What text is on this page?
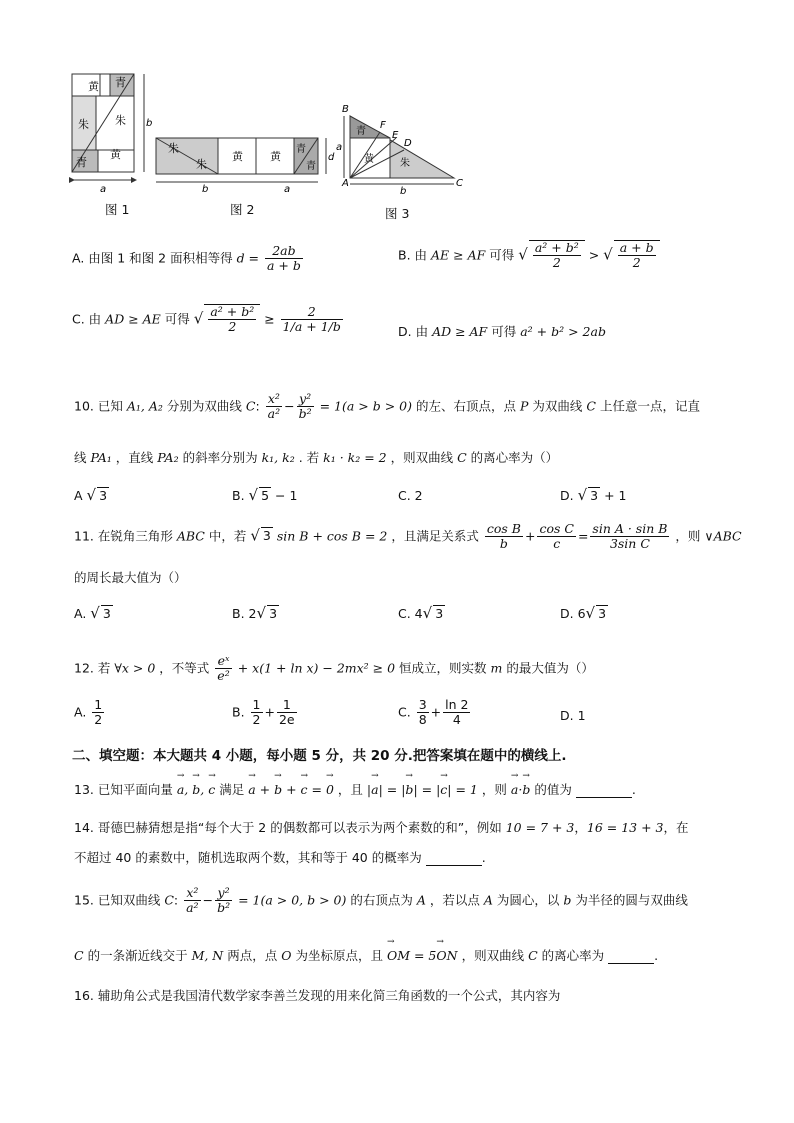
黄 青
朱 朱
青
黄
a
b
朱
朱
黄 黄
青
青
b	a
d
青
黄	朱
B
F
E
D
A	C
b
a
图 1	图 2	图 3
A. 由图 1 和图 2 面积相等得 $d = \frac{2ab}{a + b}$	B. 由 AE ≥ AF 可得 √ $\frac{\text{a² + b²}}{2}$ > √ $\frac{a + b}{2}$
C. 由 AD ≥ AE 可得 √ $\frac{\text{a² + b²}}{2} \ge \frac{2}{1/a + 1/b}$	D. 由 AD ≥ AF 可得 a² + b² > 2ab
10. 已知 A₁, A₂ 分别为双曲线 C: $\frac{\text{x²}}{\text{a²}} - \frac{\text{y²}}{\text{b²}} = 1(a > b > 0)$ 的左、右顶点，点 P 为双曲线 C 上任意一点，记直
线 PA₁ ，直线 PA₂ 的斜率分别为 k₁, k₂ . 若 k₁ · k₂ = 2 ，则双曲线 C 的离心率为（）
A √ 3	B. √ 5 − 1	C. 2	D. √ 3 + 1
11. 在锐角三角形 ABC 中，若 √ 3 sin B + cos B = 2 ，且满足关系式 $\frac{\text{cos B}}{b} + \frac{\text{cos C}}{c} = \frac{\text{sin A · sin B}}{\text{3sin C}}$ ，则 ∨ABC
的周长最大值为（）
A. √ 3	B. 2√ 3	C. 4√ 3	D. 6√ 3
12. 若 ∀x > 0 ，不等式 $\frac{\text{eˣ}}{\text{e²}} + x(1 + \ln x) - 2mx^2 \ge 0$ 恒成立，则实数 m 的最大值为（）
A. $\frac{1}{2}$	B. $\frac{1}{2} + \frac{1}{2e}$	C. $\frac{3}{8} + \frac{\ln 2}{4}$	D. 1
二、填空题：本大题共 4 小题，每小题 5 分，共 20 分.把答案填在题中的横线上.
13. 已知平面向量 → a, → b, → c 满足 → a + → b + → c = → 0 ，且 |→ a| = |→ b| = |→ c| = 1 ，则 → a·→ b 的值为	.
14. 哥德巴赫猜想是指“每个大于 2 的偶数都可以表示为两个素数的和”，例如 10 = 7 + 3，16 = 13 + 3，在
不超过 40 的素数中，随机选取两个数，其和等于 40 的概率为	.
15. 已知双曲线 C: $\frac{\text{x²}}{\text{a²}} - \frac{\text{y²}}{\text{b²}} = 1(a > 0$, b > 0) 的右顶点为 A ，若以点 A 为圆心，以 b 为半径的圆与双曲线
C 的一条渐近线交于 M, N 两点，点 O 为坐标原点，且 → OM = 5→ ON ，则双曲线 C 的离心率为	.
16. 辅助角公式是我国清代数学家李善兰发现的用来化简三角函数的一个公式，其内容为
